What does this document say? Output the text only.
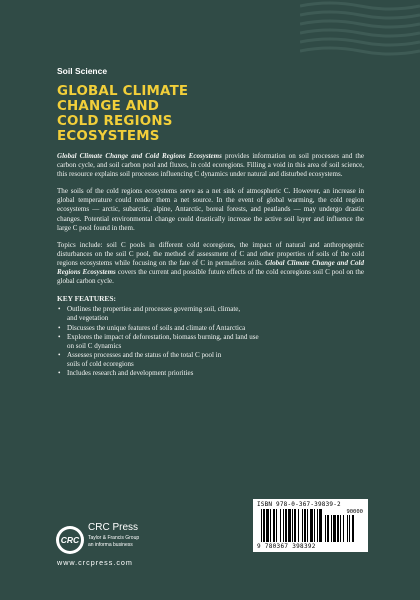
Soil Science
GLOBAL CLIMATE
CHANGE AND
COLD REGIONS
ECOSYSTEMS

Global Climate Change and Cold Regions Ecosystems provides information on soil processes and the carbon cycle, and soil carbon pool and fluxes, in cold ecoregions. Filling a void in this area of soil science, this resource explains soil processes influencing C dynamics under natural and disturbed ecosystems.

The soils of the cold regions ecosystems serve as a net sink of atmospheric C. However, an increase in global temperature could render them a net source. In the event of global warming, the cold region ecosystems — arctic, subarctic, alpine, Antarctic, boreal forests, and peatlands — may undergo drastic changes. Potential environmental change could drastically increase the active soil layer and influence the large C pool found in them.

Topics include: soil C pools in different cold ecoregions, the impact of natural and anthropogenic disturbances on the soil C pool, the method of assessment of C and other properties of soils of the cold regions ecosystems while focusing on the fate of C in permafrost soils. Global Climate Change and Cold Regions Ecosystems covers the current and possible future effects of the cold ecoregions soil C pool on the global carbon cycle.

KEY FEATURES:
• Outlines the properties and processes governing soil, climate,
and vegetation
• Discusses the unique features of soils and climate of Antarctica
• Explores the impact of deforestation, biomass burning, and land use
on soil C dynamics
• Assesses processes and the status of the total C pool in
soils of cold ecoregions
• Includes research and development priorities
CRC
CRC Press
Taylor & Francis Group
an informa business
www.crcpress.com
ISBN 978-0-367-39839-2
90000
9 780367 398392
